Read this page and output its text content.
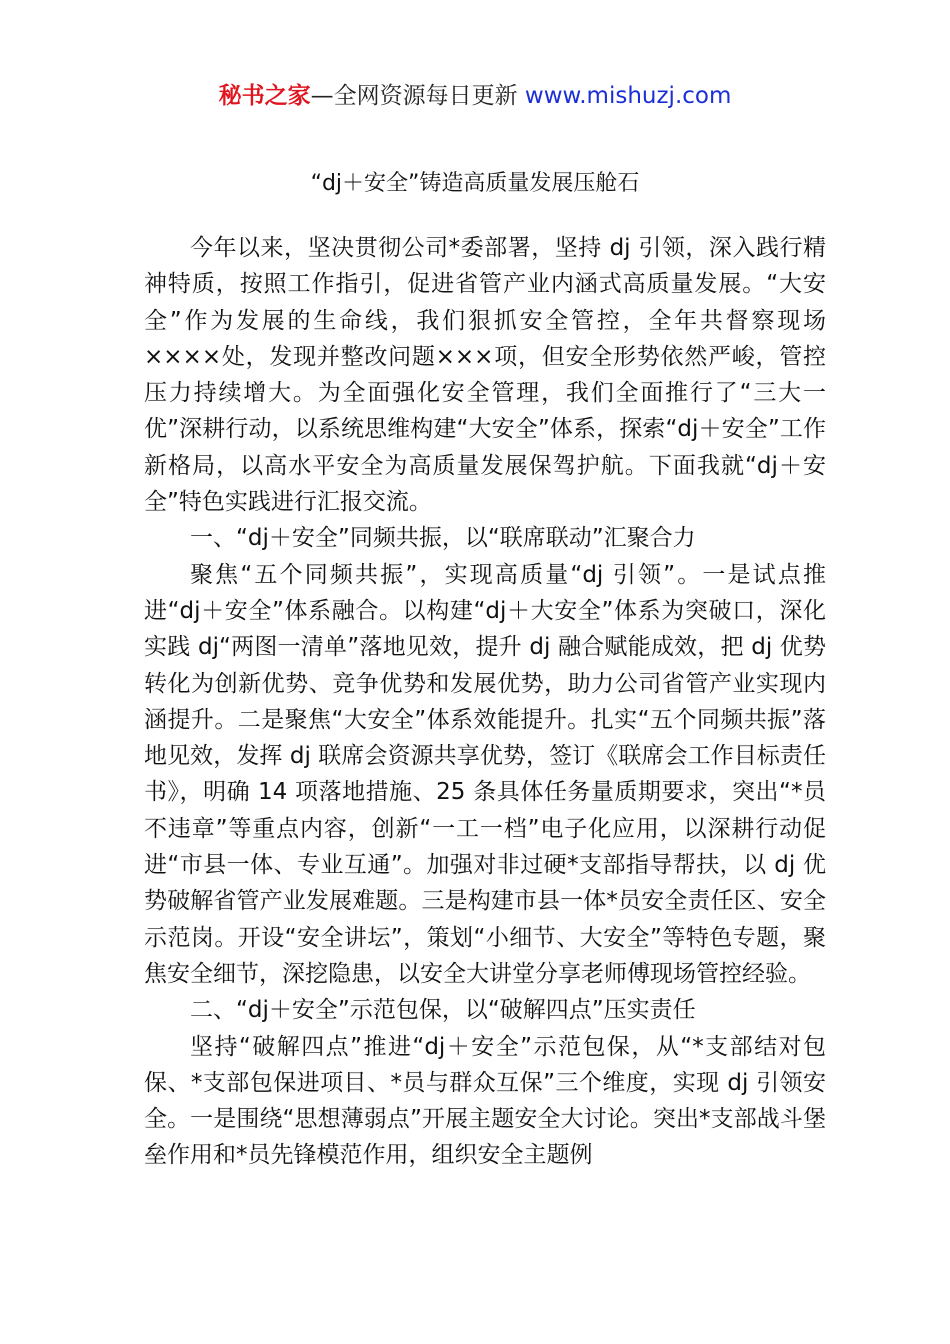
秘书之家—全网资源每日更新 www.mishuzj.com
“dj＋安全”铸造高质量发展压舱石

今年以来，坚决贯彻公司*委部署，坚持 dj 引领，深入践行精神特质，按照工作指引，促进省管产业内涵式高质量发展。“大安全”作为发展的生命线，我们狠抓安全管控，全年共督察现场××××处，发现并整改问题×××项，但安全形势依然严峻，管控压力持续增大。为全面强化安全管理，我们全面推行了“三大一优”深耕行动，以系统思维构建“大安全”体系，探索“dj＋安全”工作新格局，以高水平安全为高质量发展保驾护航。下面我就“dj＋安全”特色实践进行汇报交流。

一、“dj＋安全”同频共振，以“联席联动”汇聚合力

聚焦“五个同频共振”，实现高质量“dj 引领”。一是试点推进“dj＋安全”体系融合。以构建“dj＋大安全”体系为突破口，深化实践 dj“两图一清单”落地见效，提升 dj 融合赋能成效，把 dj 优势转化为创新优势、竞争优势和发展优势，助力公司省管产业实现内涵提升。二是聚焦“大安全”体系效能提升。扎实“五个同频共振”落地见效，发挥 dj 联席会资源共享优势，签订《联席会工作目标责任书》，明确 14 项落地措施、25 条具体任务量质期要求，突出“*员不违章”等重点内容，创新“一工一档”电子化应用，以深耕行动促进“市县一体、专业互通”。加强对非过硬*支部指导帮扶，以 dj 优势破解省管产业发展难题。三是构建市县一体*员安全责任区、安全示范岗。开设“安全讲坛”，策划“小细节、大安全”等特色专题，聚焦安全细节，深挖隐患，以安全大讲堂分享老师傅现场管控经验。

二、“dj＋安全”示范包保，以“破解四点”压实责任

坚持“破解四点”推进“dj＋安全”示范包保，从“*支部结对包保、*支部包保进项目、*员与群众互保”三个维度，实现 dj 引领安全。一是围绕“思想薄弱点”开展主题安全大讨论。突出*支部战斗堡垒作用和*员先锋模范作用，组织安全主题例
